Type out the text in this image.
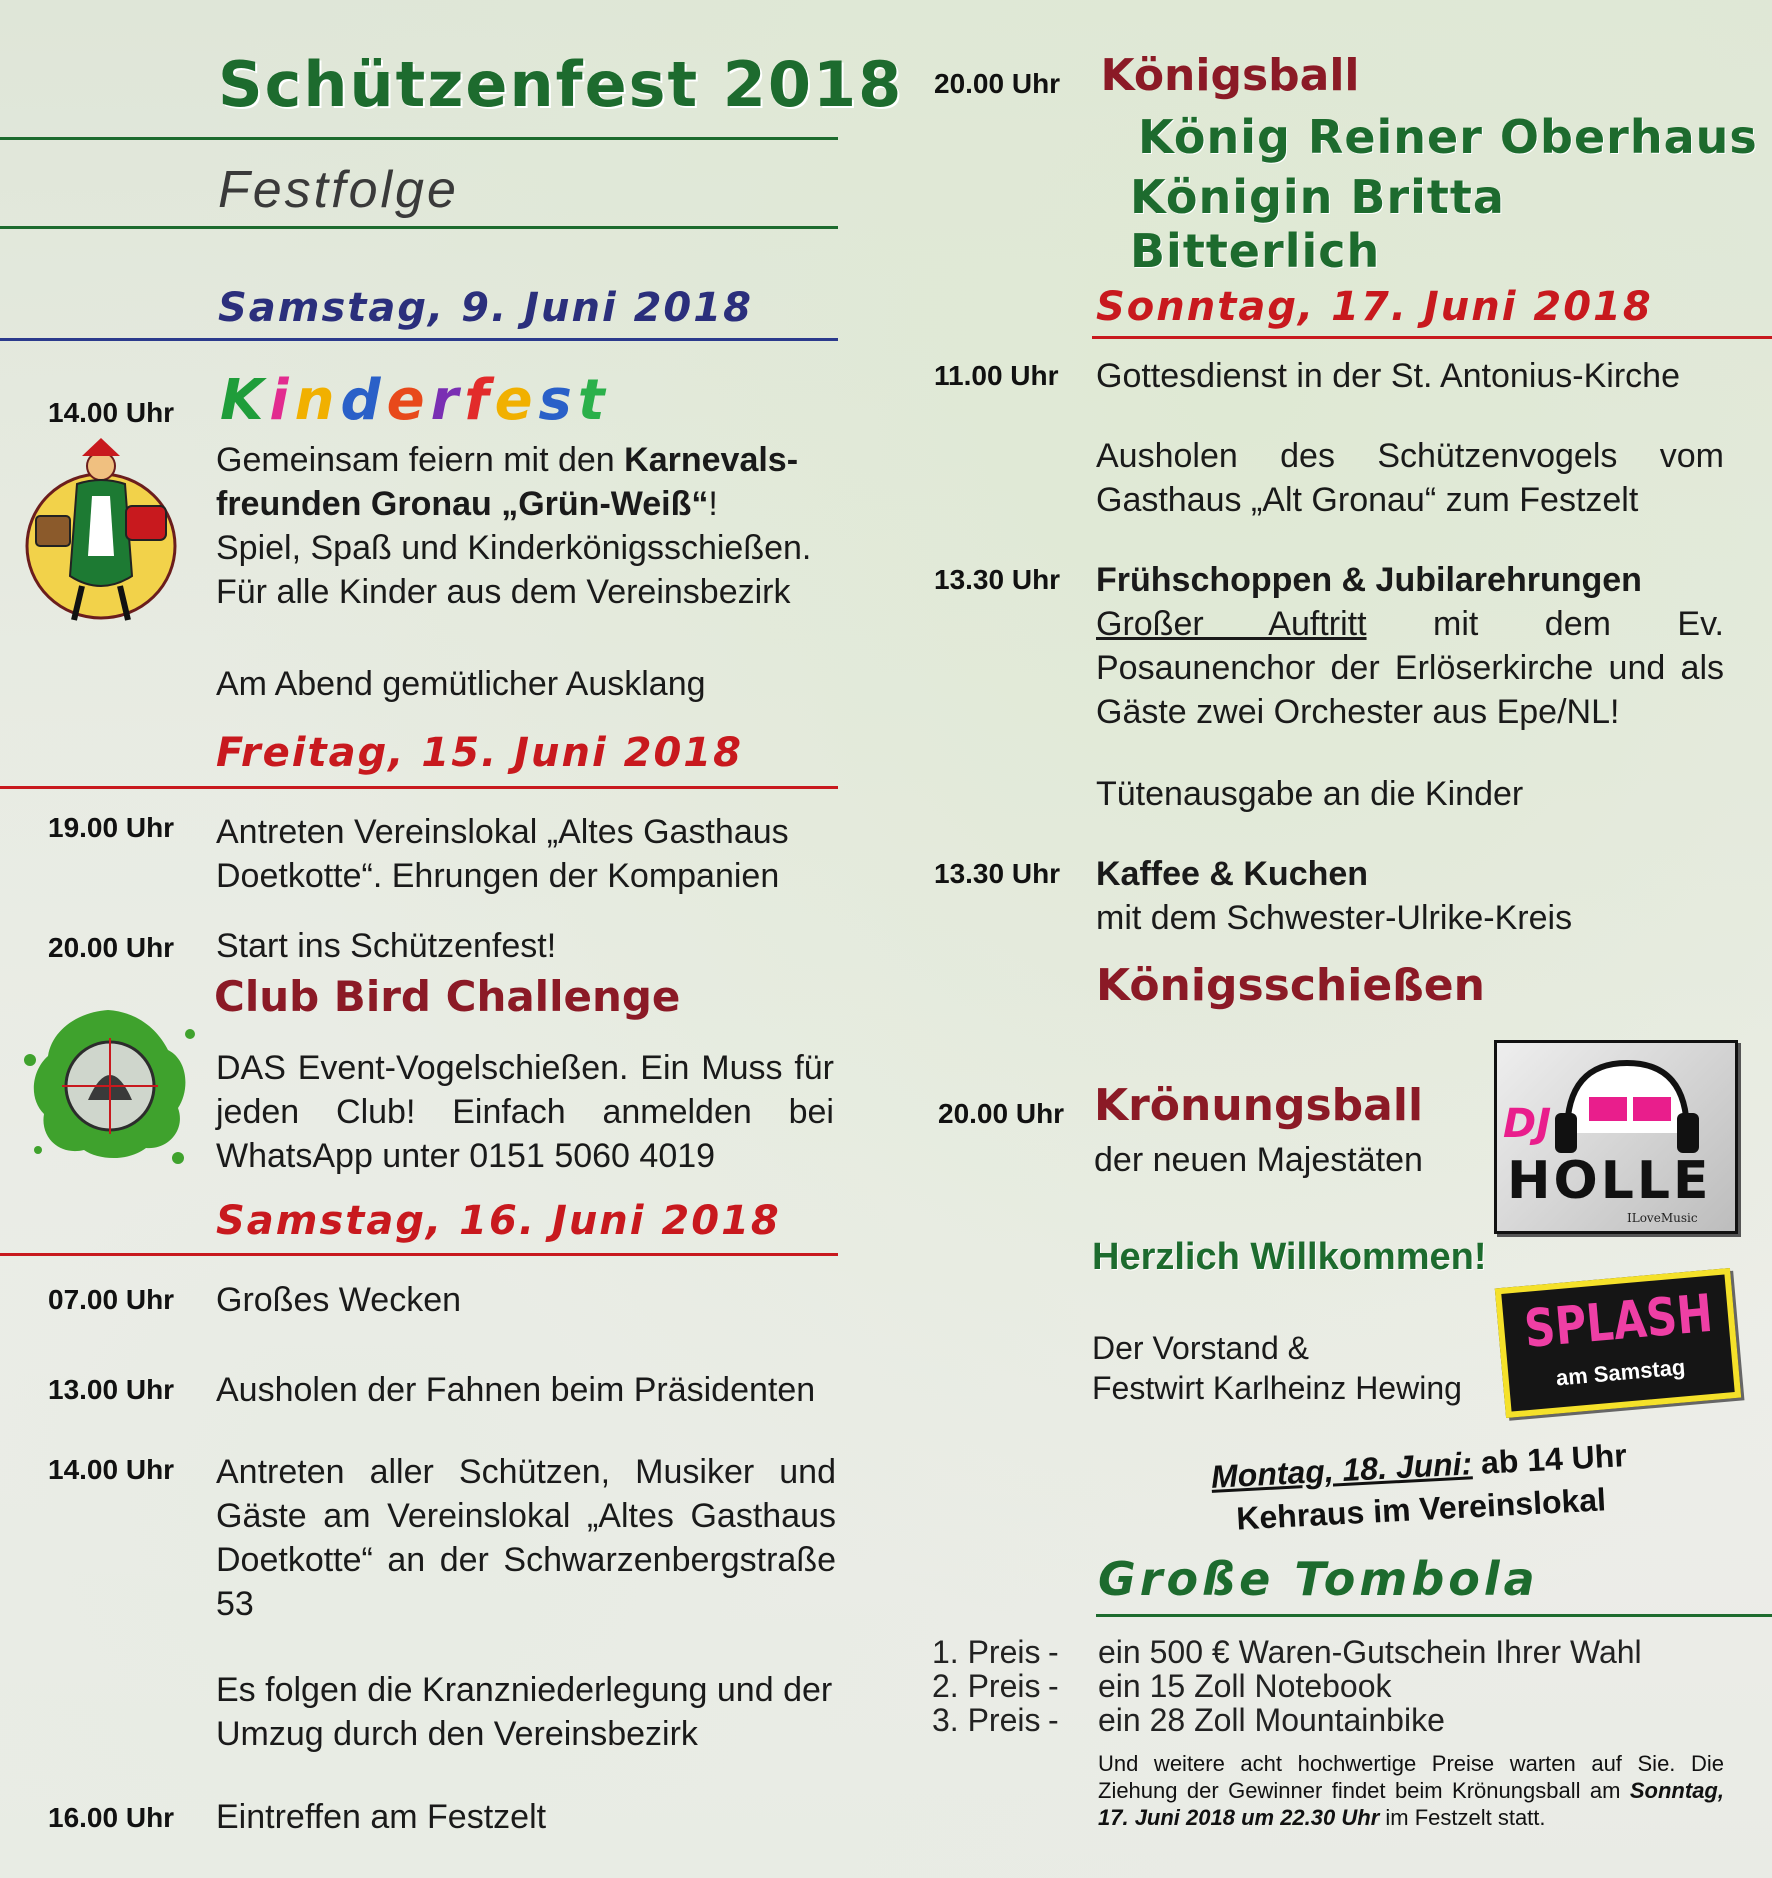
Schützenfest 2018
Festfolge
Samstag, 9. Juni 2018
14.00 Uhr Kinderfest
Gemeinsam feiern mit den Karnevals-
freunden Gronau „Grün-Weiß“!
Spiel, Spaß und Kinderkönigsschießen.
Für alle Kinder aus dem Vereinsbezirk
Am Abend gemütlicher Ausklang
Freitag, 15. Juni 2018
19.00 Uhr Antreten Vereinslokal „Altes Gasthaus Doetkotte“. Ehrungen der Kompanien
20.00 Uhr Start ins Schützenfest!
Club Bird Challenge
DAS Event-Vogelschießen. Ein Muss für jeden Club! Einfach anmelden bei WhatsApp unter 0151 5060 4019
Samstag, 16. Juni 2018
07.00 Uhr Großes Wecken
13.00 Uhr Ausholen der Fahnen beim Präsidenten
14.00 Uhr Antreten aller Schützen, Musiker und Gäste am Vereinslokal „Altes Gasthaus Doetkotte“ an der Schwarzenbergstraße 53
Es folgen die Kranzniederlegung und der Umzug durch den Vereinsbezirk
16.00 Uhr Eintreffen am Festzelt
20.00 Uhr Königsball
König Reiner Oberhaus
Königin Britta Bitterlich
Sonntag, 17. Juni 2018
11.00 Uhr Gottesdienst in der St. Antonius-Kirche
Ausholen des Schützenvogels vom Gasthaus „Alt Gronau“ zum Festzelt
13.30 Uhr Frühschoppen & Jubilarehrungen
Großer Auftritt mit dem Ev. Posaunenchor der Erlöserkirche und als Gäste zwei Orchester aus Epe/NL!
Tütenausgabe an die Kinder
13.30 Uhr Kaffee & Kuchen
mit dem Schwester-Ulrike-Kreis
Königsschießen
20.00 Uhr Krönungsball
der neuen Majestäten
DJ
HOLLE
ILoveMusic
Herzlich Willkommen!
Der Vorstand &
Festwirt Karlheinz Hewing
SPLASH
am Samstag
Montag, 18. Juni: ab 14 Uhr
Kehraus im Vereinslokal
Große Tombola
1. Preis - ein 500 € Waren-Gutschein Ihrer Wahl
2. Preis - ein 15 Zoll Notebook
3. Preis - ein 28 Zoll Mountainbike
Und weitere acht hochwertige Preise warten auf Sie. Die Ziehung der Gewinner findet beim Krönungsball am Sonntag, 17. Juni 2018 um 22.30 Uhr im Festzelt statt.
